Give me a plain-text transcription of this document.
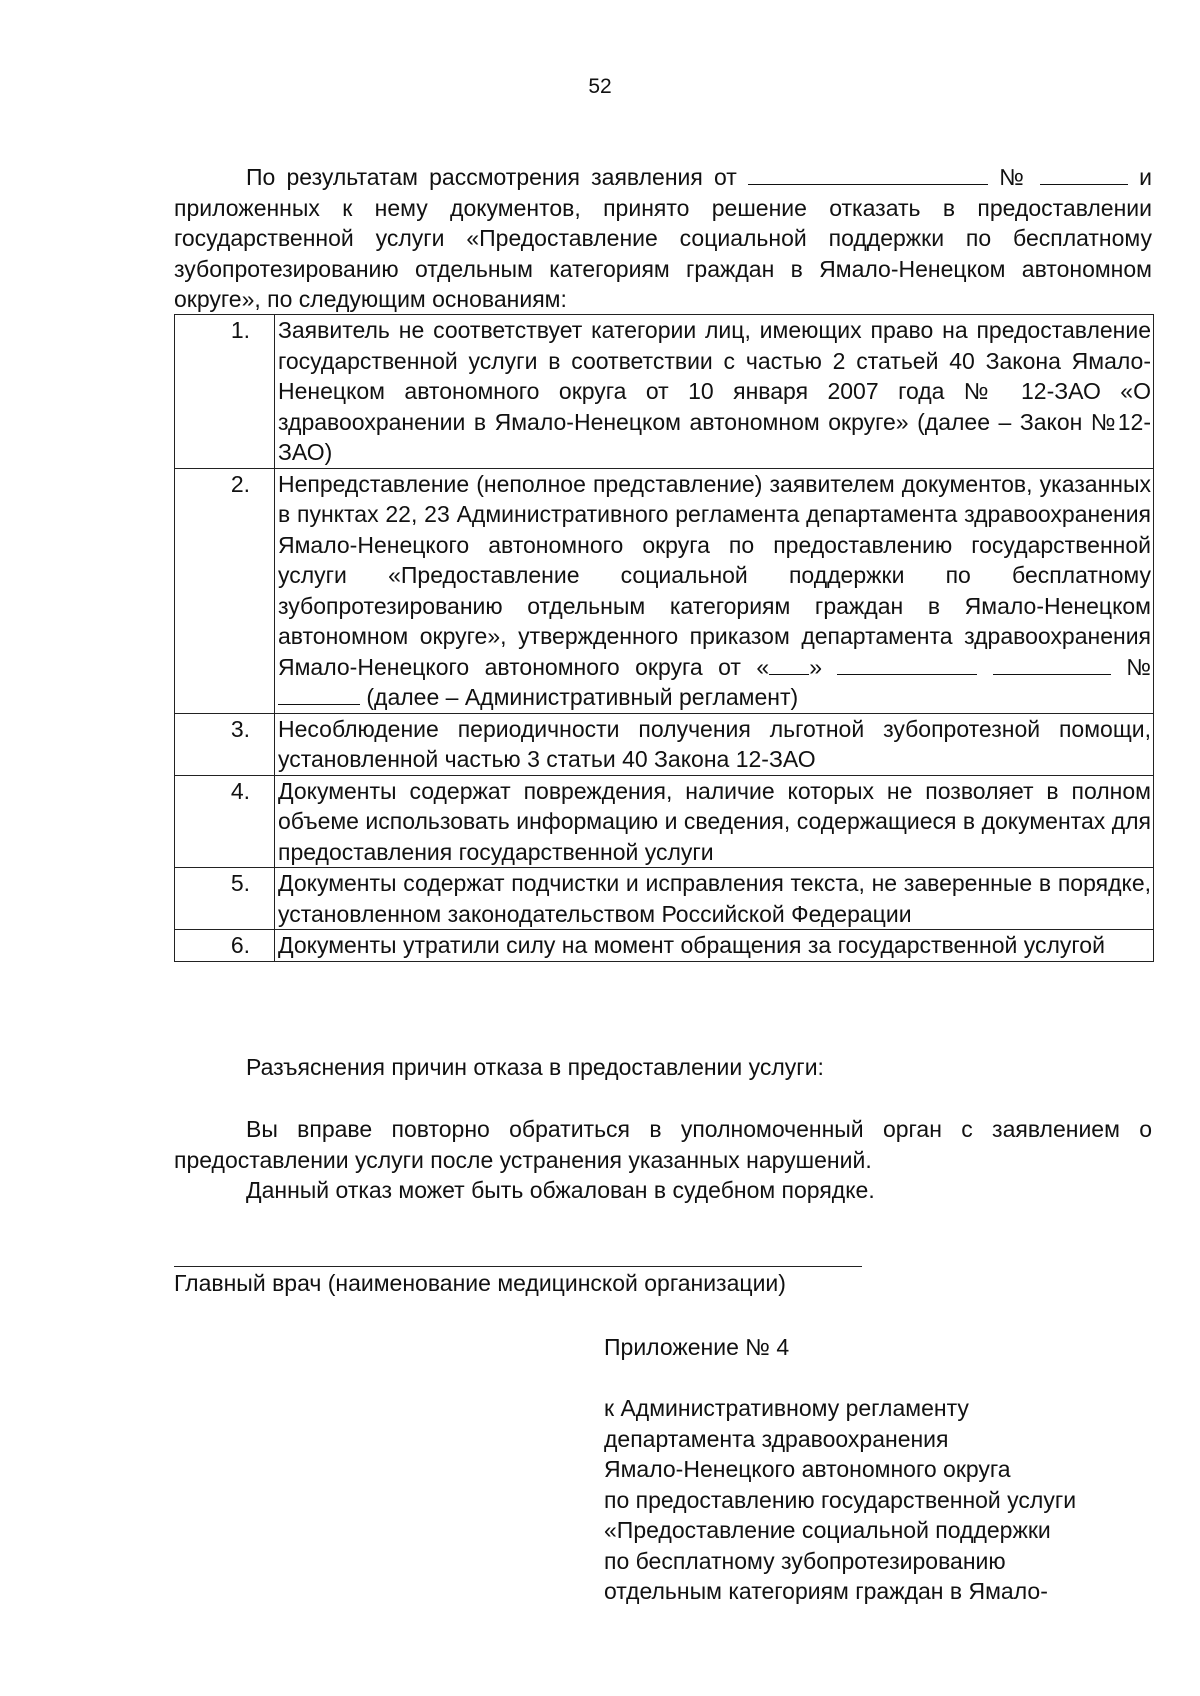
52

По результатам рассмотрения заявления от	№	и приложенных к нему документов, принято решение отказать в предоставлении государственной услуги «Предоставление социальной поддержки по бесплатному зубопротезированию отдельным категориям граждан в Ямало-Ненецком автономном округе», по следующим основаниям:

1.	Заявитель не соответствует категории лиц, имеющих право на предоставление государственной услуги в соответствии с частью 2 статьей 40 Закона Ямало-Ненецком автономного округа от 10 января 2007 года № 12-ЗАО «О здравоохранении в Ямало-Ненецком автономном округе» (далее – Закон №12-ЗАО)
2.	Непредставление (неполное представление) заявителем документов, указанных в пунктах 22, 23 Административного регламента департамента здравоохранения Ямало-Ненецкого автономного округа по предоставлению государственной услуги «Предоставление социальной поддержки по бесплатному зубопротезированию отдельным категориям граждан в Ямало-Ненецком автономном округе», утвержденного приказом департамента здравоохранения Ямало-Ненецкого автономного округа от « » №  (далее – Административный регламент)
3.	Несоблюдение периодичности получения льготной зубопротезной помощи, установленной частью 3 статьи 40 Закона 12-ЗАО
4.	Документы содержат повреждения, наличие которых не позволяет в полном объеме использовать информацию и сведения, содержащиеся в документах для предоставления государственной услуги
5.	Документы содержат подчистки и исправления текста, не заверенные в порядке, установленном законодательством Российской Федерации
6.	Документы утратили силу на момент обращения за государственной услугой

Разъяснения причин отказа в предоставлении услуги:

Вы вправе повторно обратиться в уполномоченный орган с заявлением о предоставлении услуги после устранения указанных нарушений.

Данный отказ может быть обжалован в судебном порядке.

Главный врач (наименование медицинской организации)
Приложение № 4
к Административному регламенту
департамента здравоохранения
Ямало-Ненецкого автономного округа
по предоставлению государственной услуги
«Предоставление социальной поддержки
по бесплатному зубопротезированию
отдельным категориям граждан в Ямало-
